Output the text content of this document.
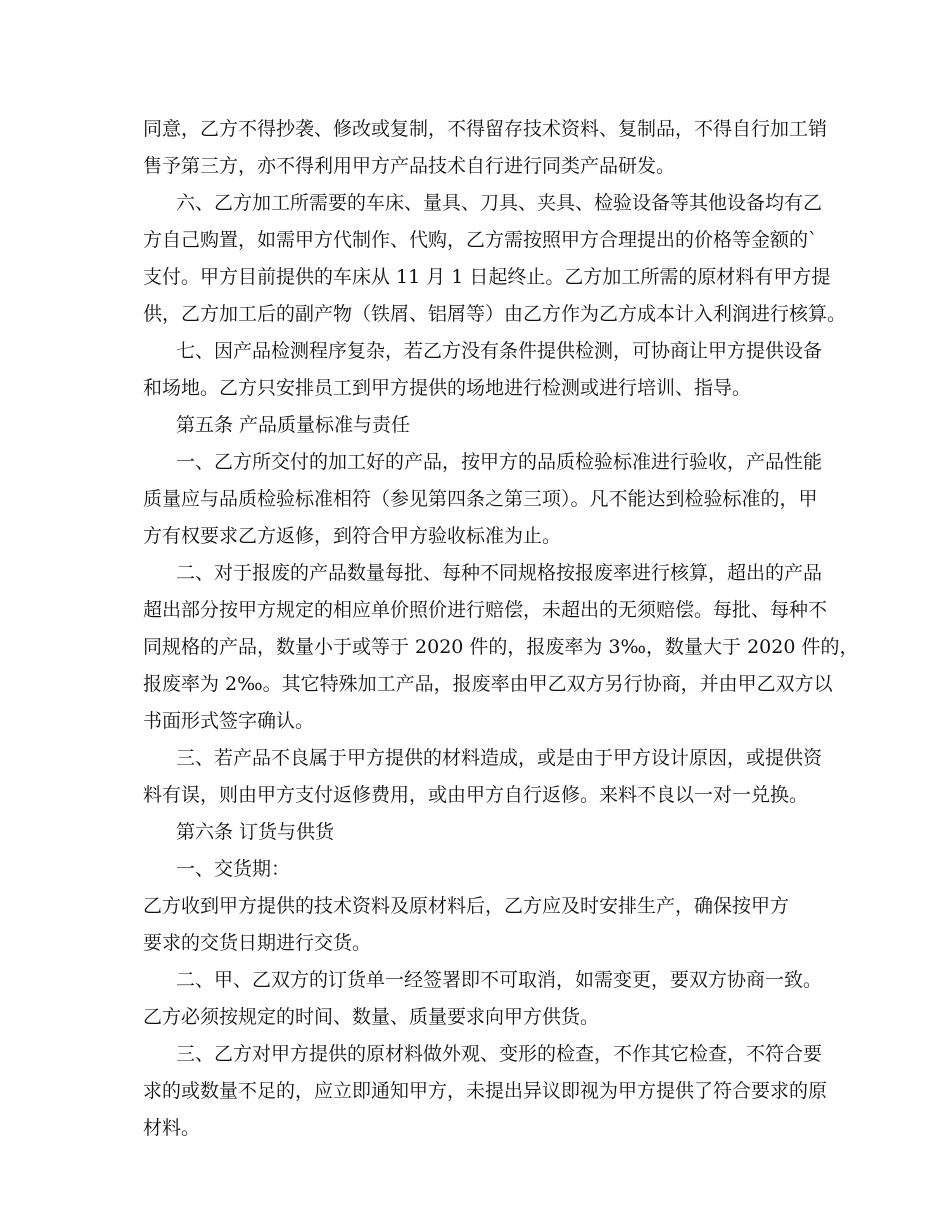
同意，乙方不得抄袭、修改或复制，不得留存技术资料、复制品，不得自行加工销
售予第三方，亦不得利用甲方产品技术自行进行同类产品研发。
六、乙方加工所需要的车床、量具、刀具、夹具、检验设备等其他设备均有乙
方自己购置，如需甲方代制作、代购，乙方需按照甲方合理提出的价格等金额的`
支付。甲方目前提供的车床从 11 月 1 日起终止。乙方加工所需的原材料有甲方提
供，乙方加工后的副产物（铁屑、铝屑等）由乙方作为乙方成本计入利润进行核算。
七、因产品检测程序复杂，若乙方没有条件提供检测，可协商让甲方提供设备
和场地。乙方只安排员工到甲方提供的场地进行检测或进行培训、指导。
第五条 产品质量标准与责任
一、乙方所交付的加工好的产品，按甲方的品质检验标准进行验收，产品性能
质量应与品质检验标准相符（参见第四条之第三项）。凡不能达到检验标准的，甲
方有权要求乙方返修，到符合甲方验收标准为止。
二、对于报废的产品数量每批、每种不同规格按报废率进行核算，超出的产品
超出部分按甲方规定的相应单价照价进行赔偿，未超出的无须赔偿。每批、每种不
同规格的产品，数量小于或等于 2020 件的，报废率为 3‰，数量大于 2020 件的，
报废率为 2‰。其它特殊加工产品，报废率由甲乙双方另行协商，并由甲乙双方以
书面形式签字确认。
三、若产品不良属于甲方提供的材料造成，或是由于甲方设计原因，或提供资
料有误，则由甲方支付返修费用，或由甲方自行返修。来料不良以一对一兑换。
第六条 订货与供货
一、交货期：
乙方收到甲方提供的技术资料及原材料后，乙方应及时安排生产，确保按甲方
要求的交货日期进行交货。
二、甲、乙双方的订货单一经签署即不可取消，如需变更，要双方协商一致。
乙方必须按规定的时间、数量、质量要求向甲方供货。
三、乙方对甲方提供的原材料做外观、变形的检查，不作其它检查，不符合要
求的或数量不足的，应立即通知甲方，未提出异议即视为甲方提供了符合要求的原
材料。
